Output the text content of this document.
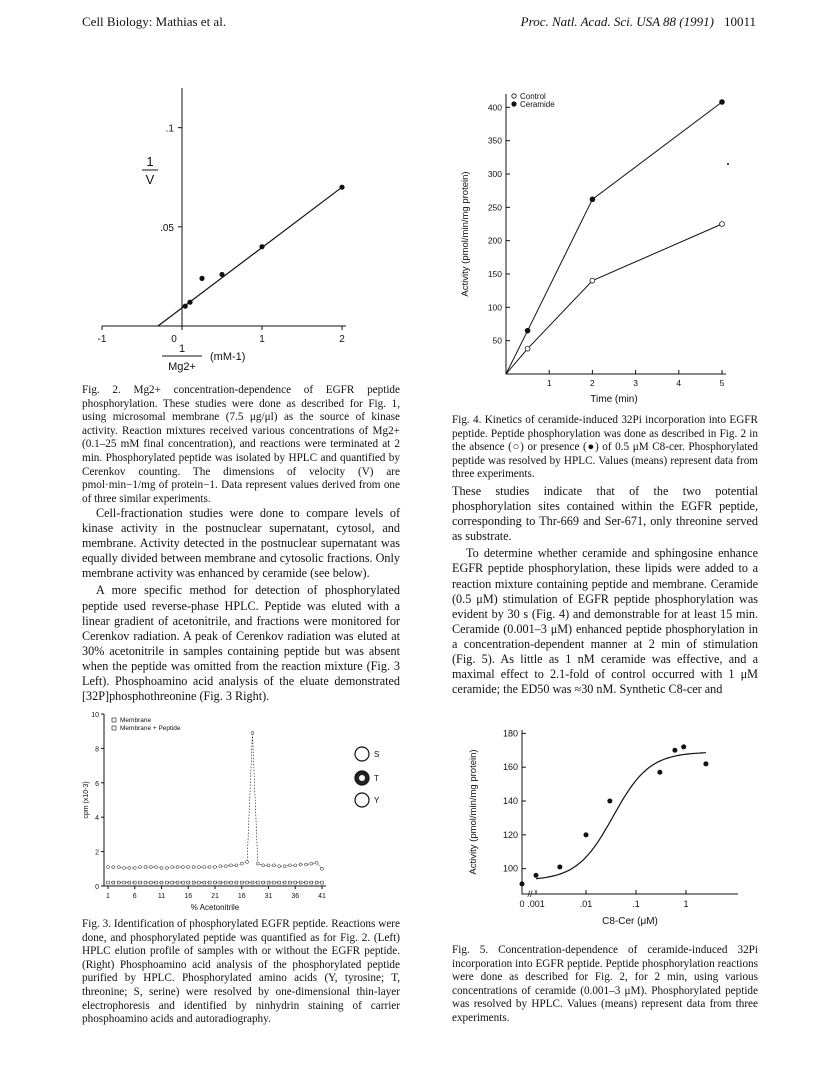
Cell Biology: Mathias et al.	Proc. Natl. Acad. Sci. USA 88 (1991) 10011
-1	0	1	2
.1
.05
1
V
1
Mg2+
(mM-1)
Fig. 2. Mg2+ concentration-dependence of EGFR peptide phosphorylation. These studies were done as described for Fig. 1, using microsomal membrane (7.5 μg/μl) as the source of kinase activity. Reaction mixtures received various concentrations of Mg2+ (0.1–25 mM final concentration), and reactions were terminated at 2 min. Phosphorylated peptide was isolated by HPLC and quantified by Cerenkov counting. The dimensions of velocity (V) are pmol·min−1/mg of protein−1. Data represent values derived from one of three similar experiments.

Cell-fractionation studies were done to compare levels of kinase activity in the postnuclear supernatant, cytosol, and membrane. Activity detected in the postnuclear supernatant was equally divided between membrane and cytosolic fractions. Only membrane activity was enhanced by ceramide (see below).

A more specific method for detection of phosphorylated peptide used reverse-phase HPLC. Peptide was eluted with a linear gradient of acetonitrile, and fractions were monitored for Cerenkov radiation. A peak of Cerenkov radiation was eluted at 30% acetonitrile in samples containing peptide but was absent when the peptide was omitted from the reaction mixture (Fig. 3 Left). Phosphoamino acid analysis of the eluate demonstrated [32P]phosphothreonine (Fig. 3 Right).

0
2
4
6
8
10
1	6	11	16	21	16	31	36	41
% Acetonitrile
cpm (x10-3)
Membrane
Membrane + Peptide
S
T
Y
Fig. 3. Identification of phosphorylated EGFR peptide. Reactions were done, and phosphorylated peptide was quantified as for Fig. 2. (Left) HPLC elution profile of samples with or without the EGFR peptide. (Right) Phosphoamino acid analysis of the phosphorylated peptide purified by HPLC. Phosphorylated amino acids (Y, tyrosine; T, threonine; S, serine) were resolved by one-dimensional thin-layer electrophoresis and identified by ninhydrin staining of carrier phosphoamino acids and autoradiography.
50
100
150
200
250
300
350
400
1	2	3	4	5
Time (min)
Activity (pmol/min/mg protein)
Control
Ceramide
Fig. 4. Kinetics of ceramide-induced 32Pi incorporation into EGFR peptide. Peptide phosphorylation was done as described in Fig. 2 in the absence (○) or presence (●) of 0.5 μM C8-cer. Phosphorylated peptide was resolved by HPLC. Values (means) represent data from three experiments.

These studies indicate that of the two potential phosphorylation sites contained within the EGFR peptide, corresponding to Thr-669 and Ser-671, only threonine served as substrate.

To determine whether ceramide and sphingosine enhance EGFR peptide phosphorylation, these lipids were added to a reaction mixture containing peptide and membrane. Ceramide (0.5 μM) stimulation of EGFR peptide phosphorylation was evident by 30 s (Fig. 4) and demonstrable for at least 15 min. Ceramide (0.001–3 μM) enhanced peptide phosphorylation in a concentration-dependent manner at 2 min of stimulation (Fig. 5). As little as 1 nM ceramide was effective, and a maximal effect to 2.1-fold of control occurred with 1 μM ceramide; the ED50 was ≈30 nM. Synthetic C8-cer and

//
100
120
140
160
180
0 .001	.01	.1	1
C8-Cer (μM)
Activity (pmol/min/mg protein)
Fig. 5. Concentration-dependence of ceramide-induced 32Pi incorporation into EGFR peptide. Peptide phosphorylation reactions were done as described for Fig. 2, for 2 min, using various concentrations of ceramide (0.001–3 μM). Phosphorylated peptide was resolved by HPLC. Values (means) represent data from three experiments.
